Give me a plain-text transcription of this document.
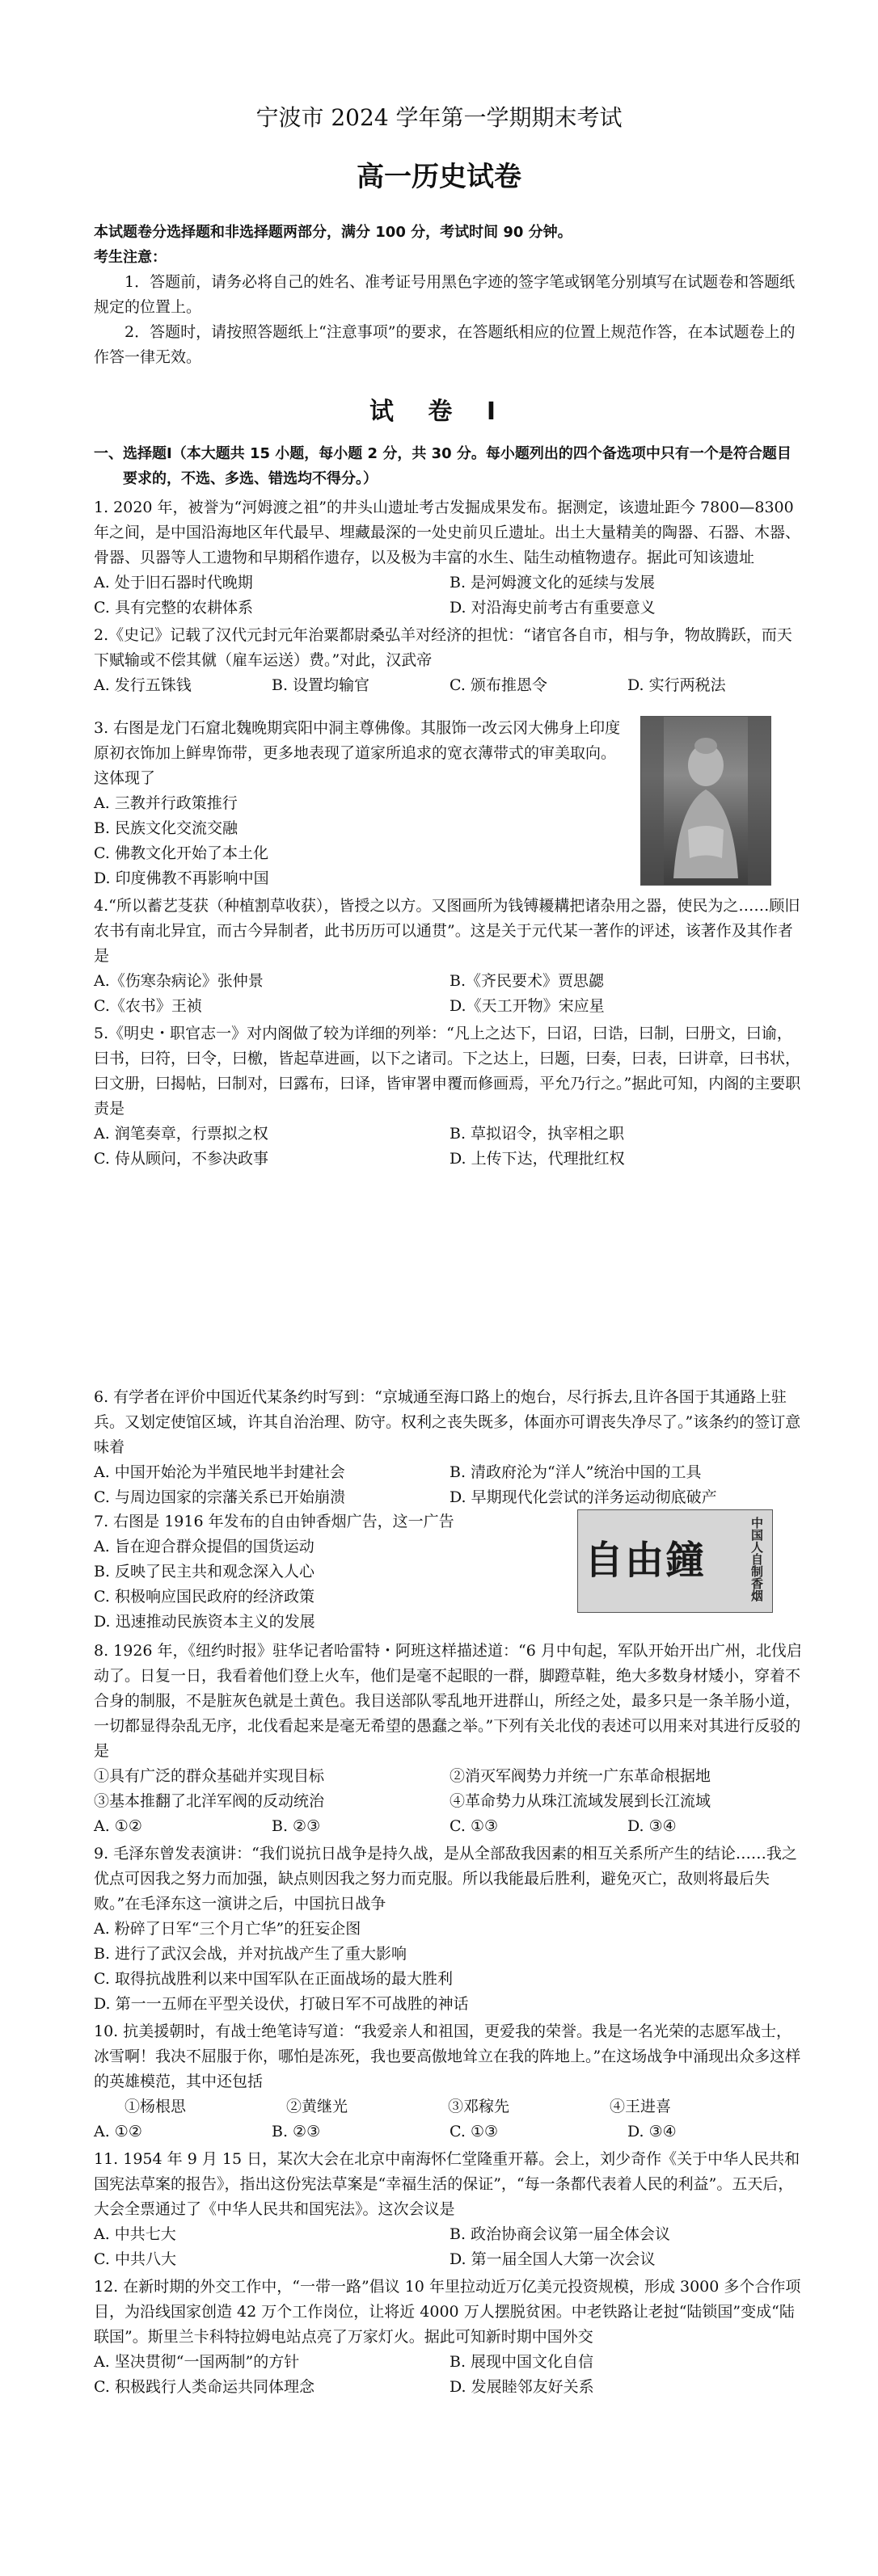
宁波市 2024 学年第一学期期末考试
高一历史试卷

本试题卷分选择题和非选择题两部分，满分 100 分，考试时间 90 分钟。

考生注意：

1．答题前，请务必将自己的姓名、准考证号用黑色字迹的签字笔或钢笔分别填写在试题卷和答题纸规定的位置上。

2．答题时，请按照答题纸上“注意事项”的要求，在答题纸相应的位置上规范作答，在本试题卷上的作答一律无效。

试 卷 Ⅰ

一、选择题Ⅰ（本大题共 15 小题，每小题 2 分，共 30 分。每小题列出的四个备选项中只有一个是符合题目要求的，不选、多选、错选均不得分。）

1. 2020 年，被誉为“河姆渡之祖”的井头山遗址考古发掘成果发布。据测定，该遗址距今 7800—8300 年之间，是中国沿海地区年代最早、埋藏最深的一处史前贝丘遗址。出土大量精美的陶器、石器、木器、骨器、贝器等人工遗物和早期稻作遗存，以及极为丰富的水生、陆生动植物遗存。据此可知该遗址

A. 处于旧石器时代晚期	B. 是河姆渡文化的延续与发展
C. 具有完整的农耕体系	D. 对沿海史前考古有重要意义

2.《史记》记载了汉代元封元年治粟都尉桑弘羊对经济的担忧：“诸官各自市，相与争，物故腾跃，而天下赋输或不偿其僦（雇车运送）费。”对此，汉武帝

A. 发行五铢钱	B. 设置均输官	C. 颁布推恩令	D. 实行两税法

3. 右图是龙门石窟北魏晚期宾阳中洞主尊佛像。其服饰一改云冈大佛身上印度原初衣饰加上鲜卑饰带，更多地表现了道家所追求的宽衣薄带式的审美取向。这体现了

A. 三教并行政策推行
B. 民族文化交流交融
C. 佛教文化开始了本土化
D. 印度佛教不再影响中国

4.“所以蓄艺芟获（种植割草收获），皆授之以方。又图画所为钱镈耰耩把诸杂用之器，使民为之……顾旧农书有南北异宜，而古今异制者，此书历历可以通贯”。这是关于元代某一著作的评述，该著作及其作者是

A.《伤寒杂病论》张仲景	B.《齐民要术》贾思勰
C.《农书》王祯	D.《天工开物》宋应星

5.《明史・职官志一》对内阁做了较为详细的列举：“凡上之达下，曰诏，曰诰，曰制，曰册文，曰谕，曰书，曰符，曰令，曰檄，皆起草进画，以下之诸司。下之达上，曰题，曰奏，曰表，曰讲章，曰书状，曰文册，曰揭帖，曰制对，曰露布，曰译，皆审署申覆而修画焉，平允乃行之。”据此可知，内阁的主要职责是

A. 润笔奏章，行票拟之权	B. 草拟诏令，执宰相之职
C. 侍从顾问，不参决政事	D. 上传下达，代理批红权

6. 有学者在评价中国近代某条约时写到：“京城通至海口路上的炮台，尽行拆去,且许各国于其通路上驻兵。又划定使馆区域，许其自治治理、防守。权利之丧失既多，体面亦可谓丧失净尽了。”该条约的签订意味着

A. 中国开始沦为半殖民地半封建社会	B. 清政府沦为“洋人”统治中国的工具
C. 与周边国家的宗藩关系已开始崩溃	D. 早期现代化尝试的洋务运动彻底破产

7. 右图是 1916 年发布的自由钟香烟广告，这一广告

A. 旨在迎合群众提倡的国货运动
B. 反映了民主共和观念深入人心
C. 积极响应国民政府的经济政策
D. 迅速推动民族资本主义的发展
自由鐘	中国人自制香烟

8. 1926 年，《纽约时报》驻华记者哈雷特・阿班这样描述道：“6 月中旬起，军队开始开出广州，北伐启动了。日复一日，我看着他们登上火车，他们是毫不起眼的一群，脚蹬草鞋，绝大多数身材矮小，穿着不合身的制服，不是脏灰色就是土黄色。我目送部队零乱地开进群山，所经之处，最多只是一条羊肠小道，一切都显得杂乱无序，北伐看起来是毫无希望的愚蠢之举。”下列有关北伐的表述可以用来对其进行反驳的是

①具有广泛的群众基础并实现目标	②消灭军阀势力并统一广东革命根据地
③基本推翻了北洋军阀的反动统治	④革命势力从珠江流域发展到长江流域
A. ①②	B. ②③	C. ①③	D. ③④

9. 毛泽东曾发表演讲：“我们说抗日战争是持久战，是从全部敌我因素的相互关系所产生的结论……我之优点可因我之努力而加强，缺点则因我之努力而克服。所以我能最后胜利，避免灭亡，敌则将最后失败。”在毛泽东这一演讲之后，中国抗日战争

A. 粉碎了日军“三个月亡华”的狂妄企图
B. 进行了武汉会战，并对抗战产生了重大影响
C. 取得抗战胜利以来中国军队在正面战场的最大胜利
D. 第一一五师在平型关设伏，打破日军不可战胜的神话

10. 抗美援朝时，有战士绝笔诗写道：“我爱亲人和祖国，更爱我的荣誉。我是一名光荣的志愿军战士，冰雪啊！我决不屈服于你，哪怕是冻死，我也要高傲地耸立在我的阵地上。”在这场战争中涌现出众多这样的英雄模范，其中还包括

①杨根思	②黄继光	③邓稼先	④王进喜
A. ①②	B. ②③	C. ①③	D. ③④

11. 1954 年 9 月 15 日，某次大会在北京中南海怀仁堂隆重开幕。会上，刘少奇作《关于中华人民共和国宪法草案的报告》，指出这份宪法草案是“幸福生活的保证”，“每一条都代表着人民的利益”。五天后，大会全票通过了《中华人民共和国宪法》。这次会议是

A. 中共七大	B. 政治协商会议第一届全体会议
C. 中共八大	D. 第一届全国人大第一次会议

12. 在新时期的外交工作中，“一带一路”倡议 10 年里拉动近万亿美元投资规模，形成 3000 多个合作项目，为沿线国家创造 42 万个工作岗位，让将近 4000 万人摆脱贫困。中老铁路让老挝“陆锁国”变成“陆联国”。斯里兰卡科特拉姆电站点亮了万家灯火。据此可知新时期中国外交

A. 坚决贯彻“一国两制”的方针	B. 展现中国文化自信
C. 积极践行人类命运共同体理念	D. 发展睦邻友好关系
